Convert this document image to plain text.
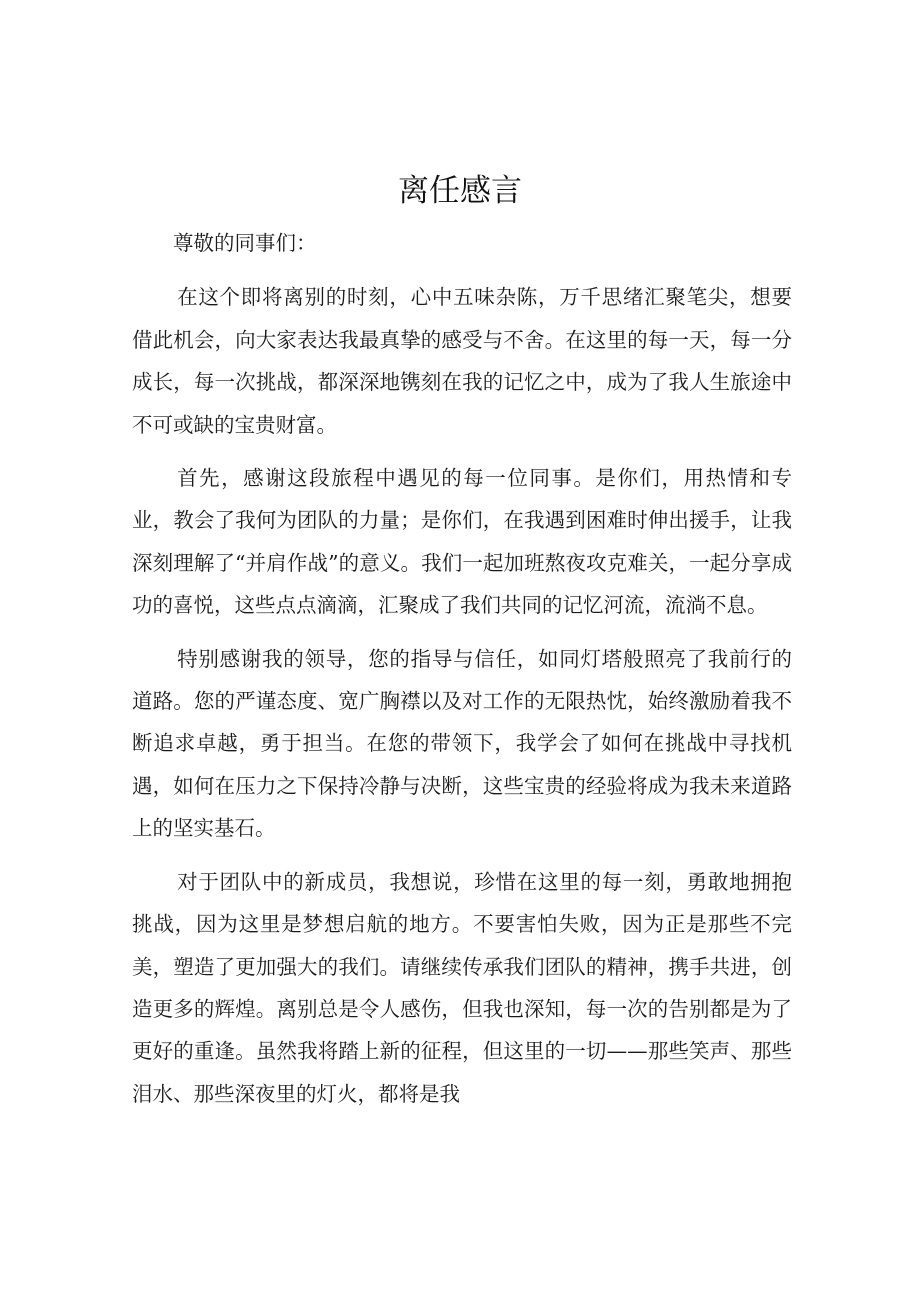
离任感言

尊敬的同事们：

在这个即将离别的时刻，心中五味杂陈，万千思绪汇聚笔尖，想要借此机会，向大家表达我最真挚的感受与不舍。在这里的每一天，每一分成长，每一次挑战，都深深地镌刻在我的记忆之中，成为了我人生旅途中不可或缺的宝贵财富。

首先，感谢这段旅程中遇见的每一位同事。是你们，用热情和专业，教会了我何为团队的力量；是你们，在我遇到困难时伸出援手，让我深刻理解了“并肩作战”的意义。我们一起加班熬夜攻克难关，一起分享成功的喜悦，这些点点滴滴，汇聚成了我们共同的记忆河流，流淌不息。

特别感谢我的领导，您的指导与信任，如同灯塔般照亮了我前行的道路。您的严谨态度、宽广胸襟以及对工作的无限热忱，始终激励着我不断追求卓越，勇于担当。在您的带领下，我学会了如何在挑战中寻找机遇，如何在压力之下保持冷静与决断，这些宝贵的经验将成为我未来道路上的坚实基石。

对于团队中的新成员，我想说，珍惜在这里的每一刻，勇敢地拥抱挑战，因为这里是梦想启航的地方。不要害怕失败，因为正是那些不完美，塑造了更加强大的我们。请继续传承我们团队的精神，携手共进，创造更多的辉煌。离别总是令人感伤，但我也深知，每一次的告别都是为了更好的重逢。虽然我将踏上新的征程，但这里的一切——那些笑声、那些泪水、那些深夜里的灯火，都将是我
